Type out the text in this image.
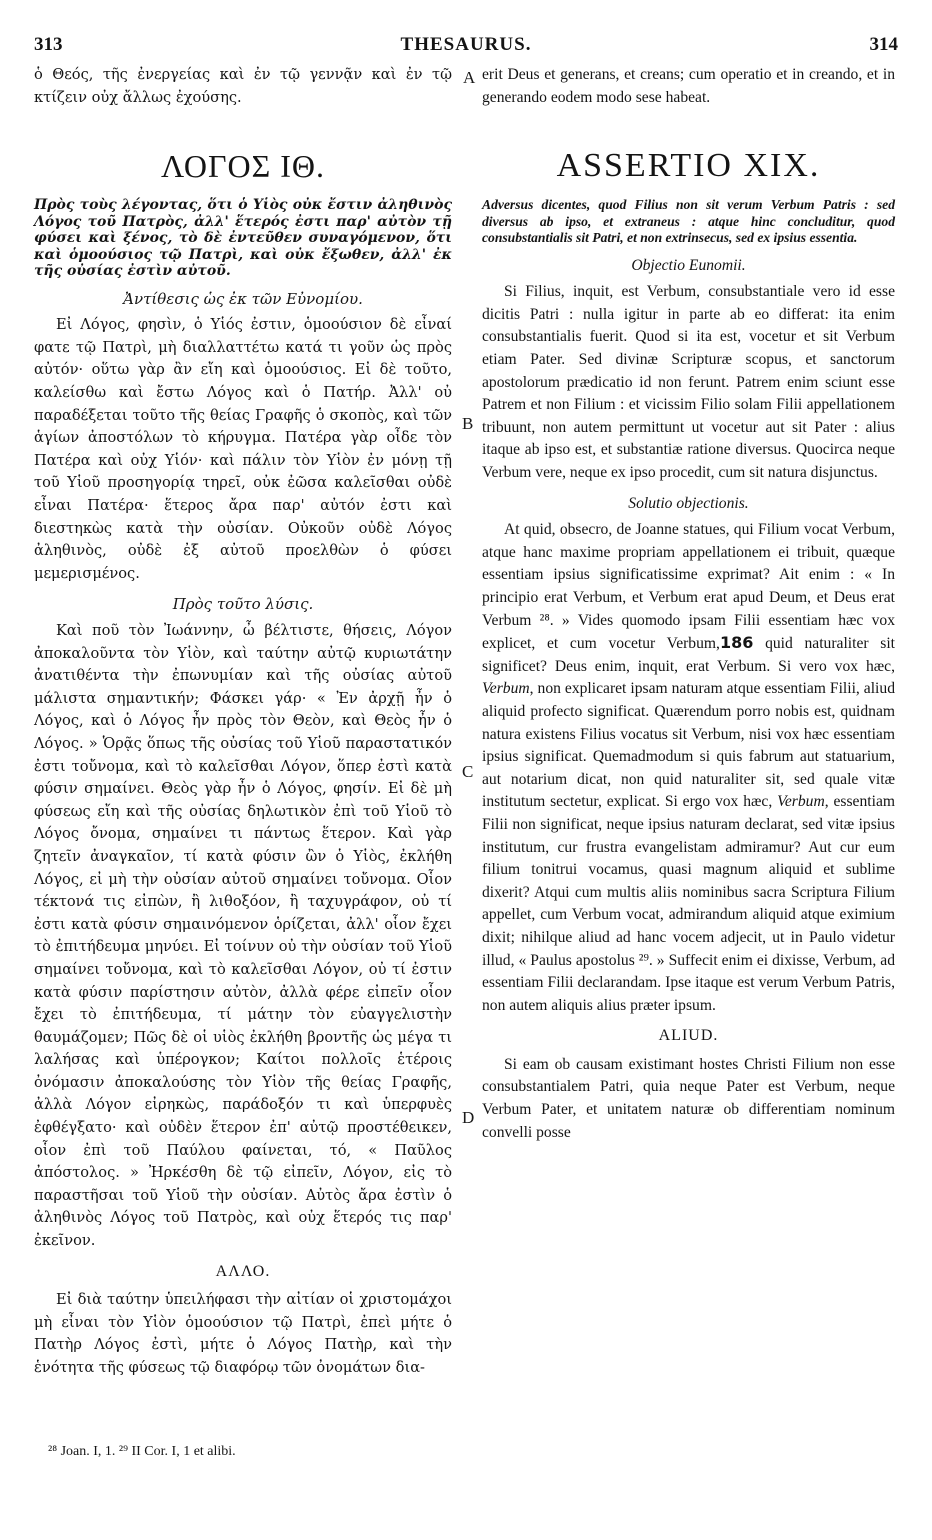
313	THESAURUS.	314

ὁ Θεός, τῆς ἐνεργείας καὶ ἐν τῷ γεννᾷν καὶ ἐν τῷ κτίζειν οὐχ ἄλλως ἐχούσης.

ΛΟΓΟΣ ΙΘ.

Πρὸς τοὺς λέγοντας, ὅτι ὁ Υἱὸς οὐκ ἔστιν ἀληθινὸς Λόγος τοῦ Πατρὸς, ἀλλ' ἕτερός ἐστι παρ' αὐτὸν τῇ φύσει καὶ ξένος, τὸ δὲ ἐντεῦθεν συναγόμενον, ὅτι καὶ ὁμοούσιος τῷ Πατρὶ, καὶ οὐκ ἔξωθεν, ἀλλ' ἐκ τῆς οὐσίας ἐστὶν αὐτοῦ.

Ἀντίθεσις ὡς ἐκ τῶν Εὐνομίου.

Εἰ Λόγος, φησὶν, ὁ Υἱός ἐστιν, ὁμοούσιον δὲ εἶναί φατε τῷ Πατρὶ, μὴ διαλλαττέτω κατά τι γοῦν ὡς πρὸς αὐτόν· οὕτω γὰρ ἂν εἴη καὶ ὁμοούσιος. Εἰ δὲ τοῦτο, καλείσθω καὶ ἔστω Λόγος καὶ ὁ Πατήρ. Ἀλλ' οὐ παραδέξεται τοῦτο τῆς θείας Γραφῆς ὁ σκοπὸς, καὶ τῶν ἁγίων ἀποστόλων τὸ κήρυγμα. Πατέρα γὰρ οἶδε τὸν Πατέρα καὶ οὐχ Υἱόν· καὶ πάλιν τὸν Υἱὸν ἐν μόνῃ τῇ τοῦ Υἱοῦ προσηγορίᾳ τηρεῖ, οὐκ ἐῶσα καλεῖσθαι οὐδὲ εἶναι Πατέρα· ἕτερος ἄρα παρ' αὐτόν ἐστι καὶ διεστηκὼς κατὰ τὴν οὐσίαν. Οὐκοῦν οὐδὲ Λόγος ἀληθινὸς, οὐδὲ ἐξ αὐτοῦ προελθὼν ὁ φύσει μεμερισμένος.

Πρὸς τοῦτο λύσις.

Καὶ ποῦ τὸν Ἰωάννην, ὦ βέλτιστε, θήσεις, Λόγον ἀποκαλοῦντα τὸν Υἱὸν, καὶ ταύτην αὐτῷ κυριωτάτην ἀνατιθέντα τὴν ἐπωνυμίαν καὶ τῆς οὐσίας αὐτοῦ μάλιστα σημαντικήν; Φάσκει γάρ· « Ἐν ἀρχῇ ἦν ὁ Λόγος, καὶ ὁ Λόγος ἦν πρὸς τὸν Θεὸν, καὶ Θεὸς ἦν ὁ Λόγος. » Ὁρᾷς ὅπως τῆς οὐσίας τοῦ Υἱοῦ παραστατικόν ἐστι τοὔνομα, καὶ τὸ καλεῖσθαι Λόγον, ὅπερ ἐστὶ κατὰ φύσιν σημαίνει. Θεὸς γὰρ ἦν ὁ Λόγος, φησίν. Εἰ δὲ μὴ φύσεως εἴη καὶ τῆς οὐσίας δηλωτικὸν ἐπὶ τοῦ Υἱοῦ τὸ Λόγος ὄνομα, σημαίνει τι πάντως ἕτερον. Καὶ γὰρ ζητεῖν ἀναγκαῖον, τί κατὰ φύσιν ὢν ὁ Υἱὸς, ἐκλήθη Λόγος, εἰ μὴ τὴν οὐσίαν αὐτοῦ σημαίνει τοὔνομα. Οἷον τέκτονά τις εἰπὼν, ἢ λιθοξόον, ἢ ταχυγράφον, οὐ τί ἐστι κατὰ φύσιν σημαινόμενον ὁρίζεται, ἀλλ' οἷον ἔχει τὸ ἐπιτήδευμα μηνύει. Εἰ τοίνυν οὐ τὴν οὐσίαν τοῦ Υἱοῦ σημαίνει τοὔνομα, καὶ τὸ καλεῖσθαι Λόγον, οὐ τί ἐστιν κατὰ φύσιν παρίστησιν αὐτὸν, ἀλλὰ φέρε εἰπεῖν οἷον ἔχει τὸ ἐπιτήδευμα, τί μάτην τὸν εὐαγγελιστὴν θαυμάζομεν; Πῶς δὲ οἱ υἱὸς ἐκλήθη βροντῆς ὡς μέγα τι λαλήσας καὶ ὑπέρογκον; Καίτοι πολλοῖς ἑτέροις ὀνόμασιν ἀποκαλούσης τὸν Υἱὸν τῆς θείας Γραφῆς, ἀλλὰ Λόγον εἰρηκὼς, παράδοξόν τι καὶ ὑπερφυὲς ἐφθέγξατο· καὶ οὐδὲν ἕτερον ἐπ' αὐτῷ προστέθεικεν, οἷον ἐπὶ τοῦ Παύλου φαίνεται, τό, « Παῦλος ἀπόστολος. » Ἠρκέσθη δὲ τῷ εἰπεῖν, Λόγον, εἰς τὸ παραστῆσαι τοῦ Υἱοῦ τὴν οὐσίαν. Αὐτὸς ἄρα ἐστὶν ὁ ἀληθινὸς Λόγος τοῦ Πατρὸς, καὶ οὐχ ἕτερός τις παρ' ἐκεῖνον.

ΑΛΛΟ.

Εἰ διὰ ταύτην ὑπειλήφασι τὴν αἰτίαν οἱ χριστομάχοι μὴ εἶναι τὸν Υἱὸν ὁμοούσιον τῷ Πατρὶ, ἐπεὶ μήτε ὁ Πατὴρ Λόγος ἐστὶ, μήτε ὁ Λόγος Πατὴρ, καὶ τὴν ἑνότητα τῆς φύσεως τῷ διαφόρῳ τῶν ὀνομάτων δια-

erit Deus et generans, et creans; cum operatio et in creando, et in generando eodem modo sese habeat.

ASSERTIO XIX.

Adversus dicentes, quod Filius non sit verum Verbum Patris : sed diversus ab ipso, et extraneus : atque hinc concluditur, quod consubstantialis sit Patri, et non extrinsecus, sed ex ipsius essentia.

Objectio Eunomii.

Si Filius, inquit, est Verbum, consubstantiale vero id esse dicitis Patri : nulla igitur in parte ab eo differat: ita enim consubstantialis fuerit. Quod si ita est, vocetur et sit Verbum etiam Pater. Sed divinæ Scripturæ scopus, et sanctorum apostolorum prædicatio id non ferunt. Patrem enim sciunt esse Patrem et non Filium : et vicissim Filio solam Filii appellationem tribuunt, non autem permittunt ut vocetur aut sit Pater : alius itaque ab ipso est, et substantiæ ratione diversus. Quocirca neque Verbum vere, neque ex ipso procedit, cum sit natura disjunctus.

Solutio objectionis.

At quid, obsecro, de Joanne statues, qui Filium vocat Verbum, atque hanc maxime propriam appellationem ei tribuit, quæque essentiam ipsius significatissime exprimat? Ait enim : « In principio erat Verbum, et Verbum erat apud Deum, et Deus erat Verbum ²⁸. » Vides quomodo ipsam Filii essentiam hæc vox explicet, et cum vocetur Verbum,186 quid naturaliter sit significet? Deus enim, inquit, erat Verbum. Si vero vox hæc, Verbum, non explicaret ipsam naturam atque essentiam Filii, aliud aliquid profecto significat. Quærendum porro nobis est, quidnam natura existens Filius vocatus sit Verbum, nisi vox hæc essentiam ipsius significat. Quemadmodum si quis fabrum aut statuarium, aut notarium dicat, non quid naturaliter sit, sed quale vitæ institutum sectetur, explicat. Si ergo vox hæc, Verbum, essentiam Filii non significat, neque ipsius naturam declarat, sed vitæ ipsius institutum, cur frustra evangelistam admiramur? Aut cur eum filium tonitrui vocamus, quasi magnum aliquid et sublime dixerit? Atqui cum multis aliis nominibus sacra Scriptura Filium appellet, cum Verbum vocat, admirandum aliquid atque eximium dixit; nihilque aliud ad hanc vocem adjecit, ut in Paulo videtur illud, « Paulus apostolus ²⁹. » Suffecit enim ei dixisse, Verbum, ad essentiam Filii declarandam. Ipse itaque est verum Verbum Patris, non autem aliquis alius præter ipsum.

ALIUD.

Si eam ob causam existimant hostes Christi Filium non esse consubstantialem Patri, quia neque Pater est Verbum, neque Verbum Pater, et unitatem naturæ ob differentiam nominum convelli posse

A
B
C
D
²⁸ Joan. I, 1. ²⁹ II Cor. I, 1 et alibi.
